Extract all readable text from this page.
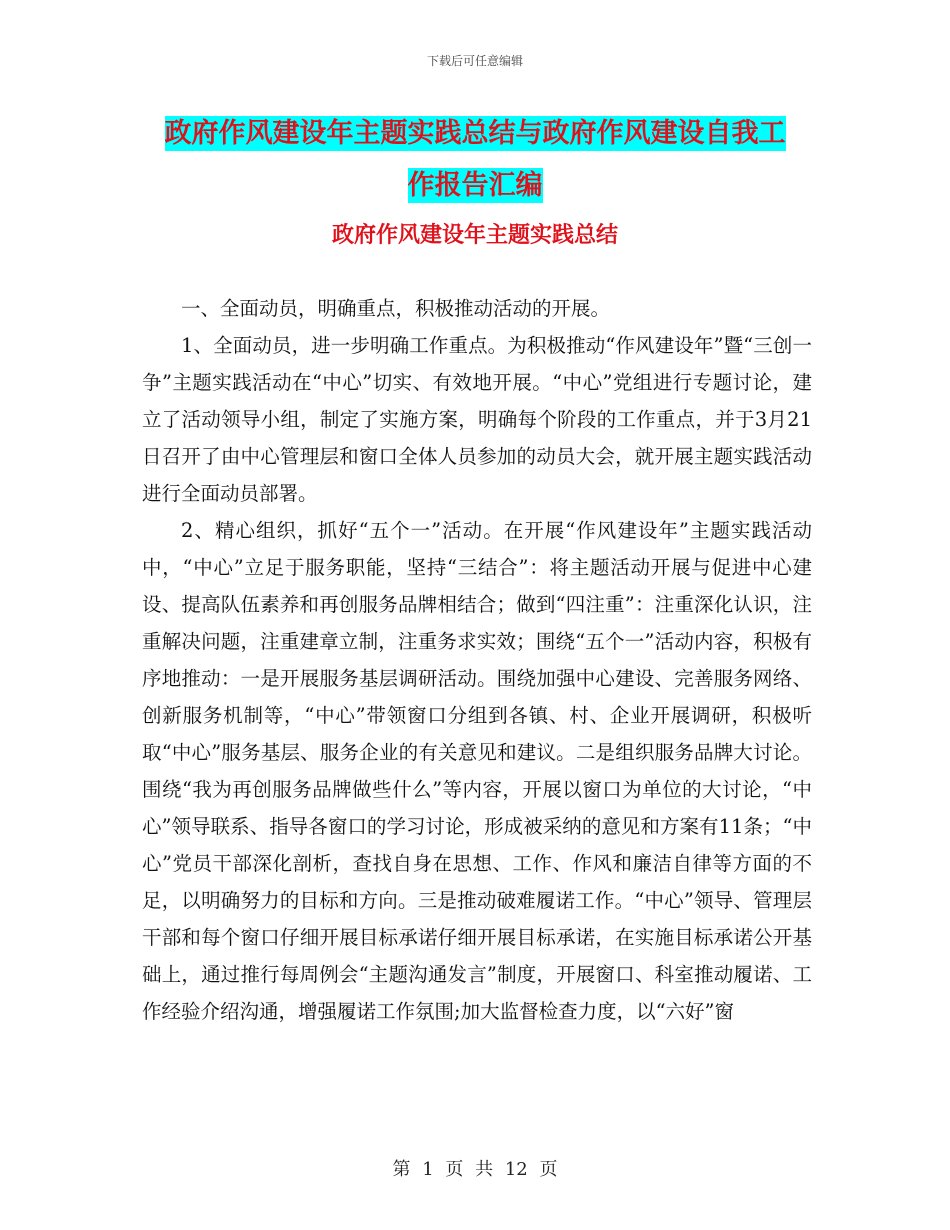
下载后可任意编辑
政府作风建设年主题实践总结与政府作风建设自我工
作报告汇编
政府作风建设年主题实践总结

一、全面动员，明确重点，积极推动活动的开展。

1、全面动员，进一步明确工作重点。为积极推动“作风建设年”暨“三创一争”主题实践活动在“中心”切实、有效地开展。“中心”党组进行专题讨论，建立了活动领导小组，制定了实施方案，明确每个阶段的工作重点，并于3月21日召开了由中心管理层和窗口全体人员参加的动员大会，就开展主题实践活动进行全面动员部署。

2、精心组织，抓好“五个一”活动。在开展“作风建设年”主题实践活动中，“中心”立足于服务职能，坚持“三结合”：将主题活动开展与促进中心建设、提高队伍素养和再创服务品牌相结合；做到“四注重”：注重深化认识，注重解决问题，注重建章立制，注重务求实效；围绕“五个一”活动内容，积极有序地推动：一是开展服务基层调研活动。围绕加强中心建设、完善服务网络、创新服务机制等，“中心”带领窗口分组到各镇、村、企业开展调研，积极听取“中心”服务基层、服务企业的有关意见和建议。二是组织服务品牌大讨论。围绕“我为再创服务品牌做些什么”等内容，开展以窗口为单位的大讨论，“中心”领导联系、指导各窗口的学习讨论，形成被采纳的意见和方案有11条；“中心”党员干部深化剖析，查找自身在思想、工作、作风和廉洁自律等方面的不足，以明确努力的目标和方向。三是推动破难履诺工作。“中心”领导、管理层干部和每个窗口仔细开展目标承诺仔细开展目标承诺，在实施目标承诺公开基础上，通过推行每周例会“主题沟通发言”制度，开展窗口、科室推动履诺、工作经验介绍沟通，增强履诺工作氛围;加大监督检查力度，以“六好”窗

第 1 页 共 12 页
